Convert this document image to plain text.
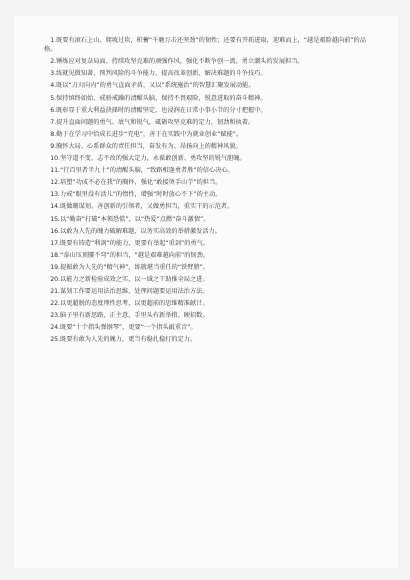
1.既要有滚石上山、爬坡过坎，积蓄“千磨万击还坚劲”的韧性；还要有开拓进取，迎难而上，“越是艰险越向前”的品格。

2.锤炼应对复杂局面、持续攻坚克难的顽强作风，强化不断争创一流、勇立潮头的发展担当。

3.练就见微知著、预判风险的斗争能力、提高改革创新、解决难题的斗争技巧。

4.既以“刀刃向内”的勇气直面矛盾，又以“系统施治”的智慧汇聚发展动能。

5.保持慎终如始、戒骄戒躁的清醒头脑，保持不畏艰险，锐意进取的奋斗精神。

6.既彰显于重大利益抉择时的清醒坚定，也浸润在日常小事小节的分寸把握中。

7.提升直面问题的勇气、底气和锐气，砥砺攻坚克难的定力，韧劲和执着。

8.勤于在学习中恰成长进步“充电”，善于在实践中为就业创业“赋能”。

9.胸怀大局、心系群众的责任担当，奋发有为、昂扬向上的精神风貌。

10.坚守道不变、志不改的强大定力，永葆敢创新、勇攻坚的锐气胆魄。

11.“行百里者半九十”的清醒头脑，“致路相逢勇者胜”的信心决心。

12.培塑“功成不必在我”的胸怀，强化“敢接烫手山芋”的担当。

13.力戒“眼里没有活儿”的惰性，增强“时时放心不下”的主动。

14.既做珊谋划、善创新的引领者，又做勇担当，重实干的示范者。

15.以“勤奋”打破“本领恐慌”，以“热爱”点燃“奋斗激情”。

16.以敢为人先的魄力破解难题，以务实高效的举措激发活力。

17.既要有铸造“利剑”的能力，更要有举起“重剑”的勇气。

18.“泰山压顶腰不弯”的担当，“越是艰难越向前”的韧劲。

19.提振敢为人先的“精气神”，练就堪当重任的“铁臂膀”。

20.以能力之新检验成效之实，以一域之干助推全局之进。

21.谋划工作要运用法治思维，处理问题要运用法治方法。

22.以更超脱的态度理性思考，以更超前的思维精准献计。

23.脑子里有新思路、正主意，手里头有新举措、硬招数。

24.既要“十个指头弹钢琴”，更要“一个指头敲重音”。

25.既要有敢为人先的魄力，更当有稳扎稳打的定力。
